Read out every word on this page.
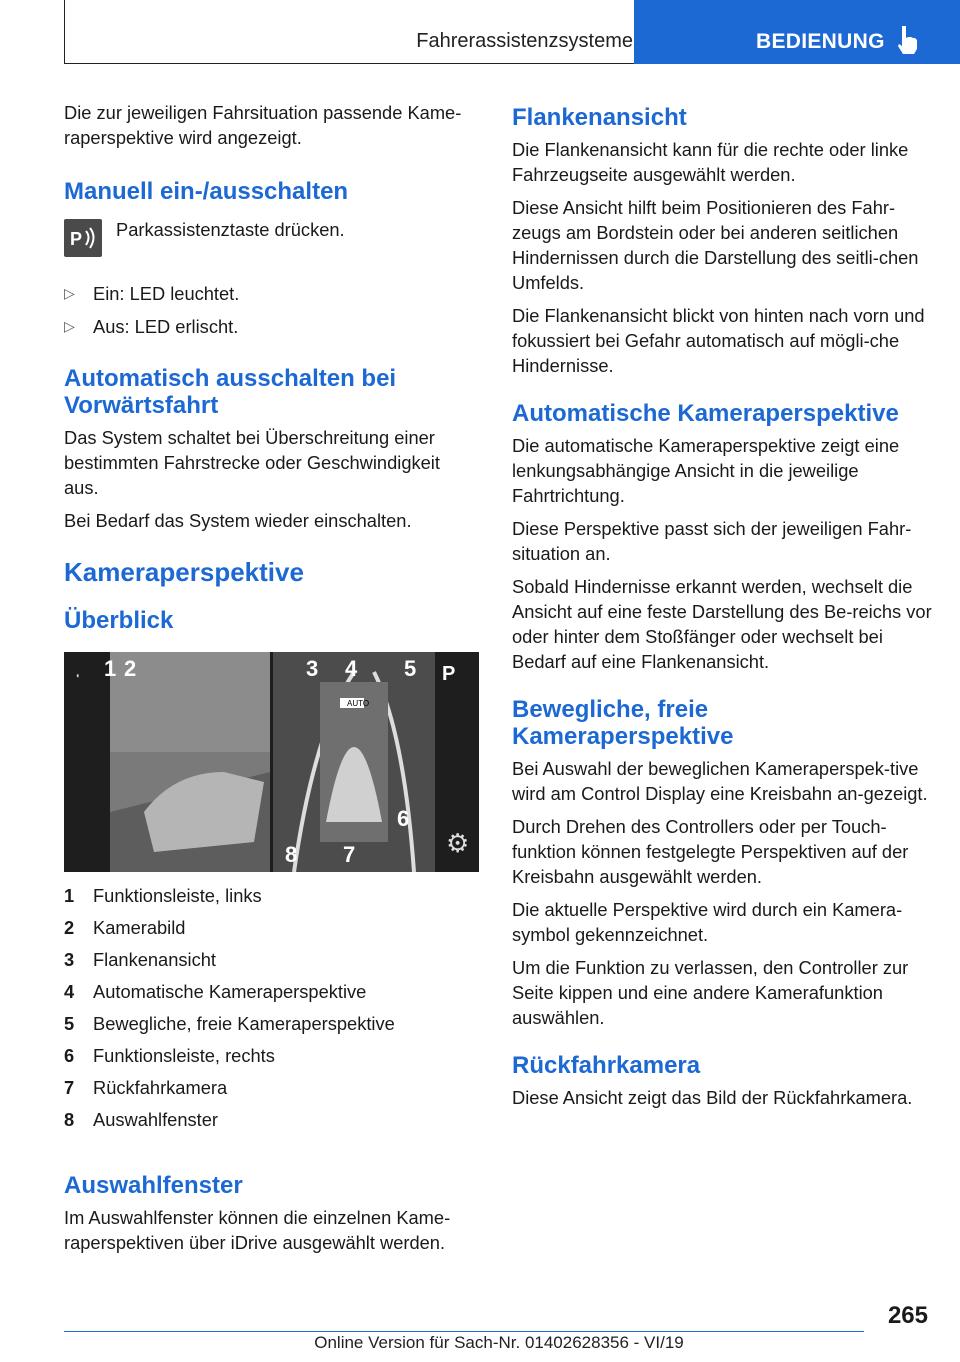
Fahrerassistenzsysteme	BEDIENUNG

Die zur jeweiligen Fahrsituation passende Kame-raperspektive wird angezeigt.

Manuell ein-/ausschalten
P Parkassistenztaste drücken.
▷ Ein: LED leuchtet.
▷ Aus: LED erlischt.
Automatisch ausschalten bei Vorwärtsfahrt

Das System schaltet bei Überschreitung einer bestimmten Fahrstrecke oder Geschwindigkeit aus.

Bei Bedarf das System wieder einschalten.

Kameraperspektive
Überblick
◐	P
⚙
1 2	3 4 5
6
7
8
AUTO
1 Funktionsleiste, links
2 Kamerabild
3 Flankenansicht
4 Automatische Kameraperspektive
5 Bewegliche, freie Kameraperspektive
6 Funktionsleiste, rechts
7 Rückfahrkamera
8 Auswahlfenster
Auswahlfenster

Im Auswahlfenster können die einzelnen Kame-raperspektiven über iDrive ausgewählt werden.

Flankenansicht

Die Flankenansicht kann für die rechte oder linke Fahrzeugseite ausgewählt werden.

Diese Ansicht hilft beim Positionieren des Fahr-zeugs am Bordstein oder bei anderen seitlichen Hindernissen durch die Darstellung des seitli-chen Umfelds.

Die Flankenansicht blickt von hinten nach vorn und fokussiert bei Gefahr automatisch auf mögli-che Hindernisse.

Automatische Kameraperspektive

Die automatische Kameraperspektive zeigt eine lenkungsabhängige Ansicht in die jeweilige Fahrtrichtung.

Diese Perspektive passt sich der jeweiligen Fahr-situation an.

Sobald Hindernisse erkannt werden, wechselt die Ansicht auf eine feste Darstellung des Be-reichs vor oder hinter dem Stoßfänger oder wechselt bei Bedarf auf eine Flankenansicht.

Bewegliche, freie Kameraperspektive

Bei Auswahl der beweglichen Kameraperspek-tive wird am Control Display eine Kreisbahn an-gezeigt.

Durch Drehen des Controllers oder per Touch-funktion können festgelegte Perspektiven auf der Kreisbahn ausgewählt werden.

Die aktuelle Perspektive wird durch ein Kamera-symbol gekennzeichnet.

Um die Funktion zu verlassen, den Controller zur Seite kippen und eine andere Kamerafunktion auswählen.

Rückfahrkamera

Diese Ansicht zeigt das Bild der Rückfahrkamera.

265
Online Version für Sach-Nr. 01402628356 - VI/19
